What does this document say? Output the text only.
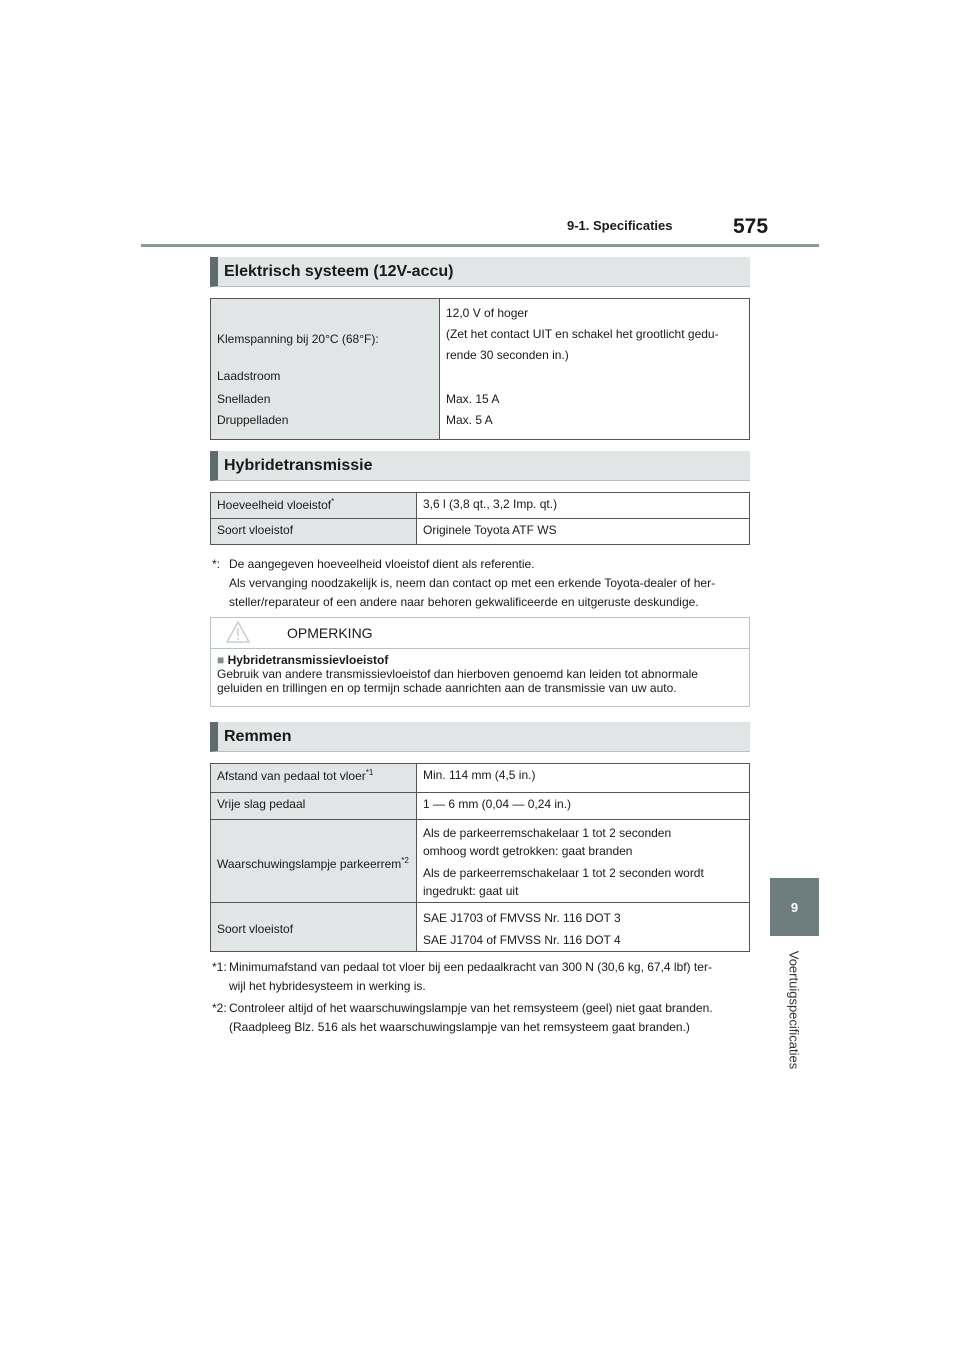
9-1. Specificaties	575
9
Voertuigspecificaties
Elektrisch systeem (12V-accu)
Klemspanning bij 20°C (68°F):	12,0 V of hoger
(Zet het contact UIT en schakel het grootlicht gedu-
rende 30 seconden in.)

Laadstroom	
Snelladen	Max. 15 A
Druppelladen	Max. 5 A
Hybridetransmissie
Hoeveelheid vloeistof*	3,6 l (3,8 qt., 3,2 Imp. qt.)
Soort vloeistof	Originele Toyota ATF WS
*: De aangegeven hoeveelheid vloeistof dient als referentie.
Als vervanging noodzakelijk is, neem dan contact op met een erkende Toyota-dealer of her-
steller/reparateur of een andere naar behoren gekwalificeerde en uitgeruste deskundige.
OPMERKING
■ Hybridetransmissievloeistof
Gebruik van andere transmissievloeistof dan hierboven genoemd kan leiden tot abnormale
geluiden en trillingen en op termijn schade aanrichten aan de transmissie van uw auto.
Remmen
Afstand van pedaal tot vloer$^{*1}$	Min. 114 mm (4,5 in.)
Vrije slag pedaal	1 — 6 mm (0,04 — 0,24 in.)
Waarschuwingslampje parkeerrem$^{*2}$	Als de parkeerremschakelaar 1 tot 2 seconden
omhoog wordt getrokken: gaat branden
Als de parkeerremschakelaar 1 tot 2 seconden wordt
ingedrukt: gaat uit

Soort vloeistof	SAE J1703 of FMVSS Nr. 116 DOT 3
SAE J1704 of FMVSS Nr. 116 DOT 4
*1: Minimumafstand van pedaal tot vloer bij een pedaalkracht van 300 N (30,6 kg, 67,4 lbf) ter-
wijl het hybridesysteem in werking is.
*2: Controleer altijd of het waarschuwingslampje van het remsysteem (geel) niet gaat branden.
(Raadpleeg Blz. 516 als het waarschuwingslampje van het remsysteem gaat branden.)
